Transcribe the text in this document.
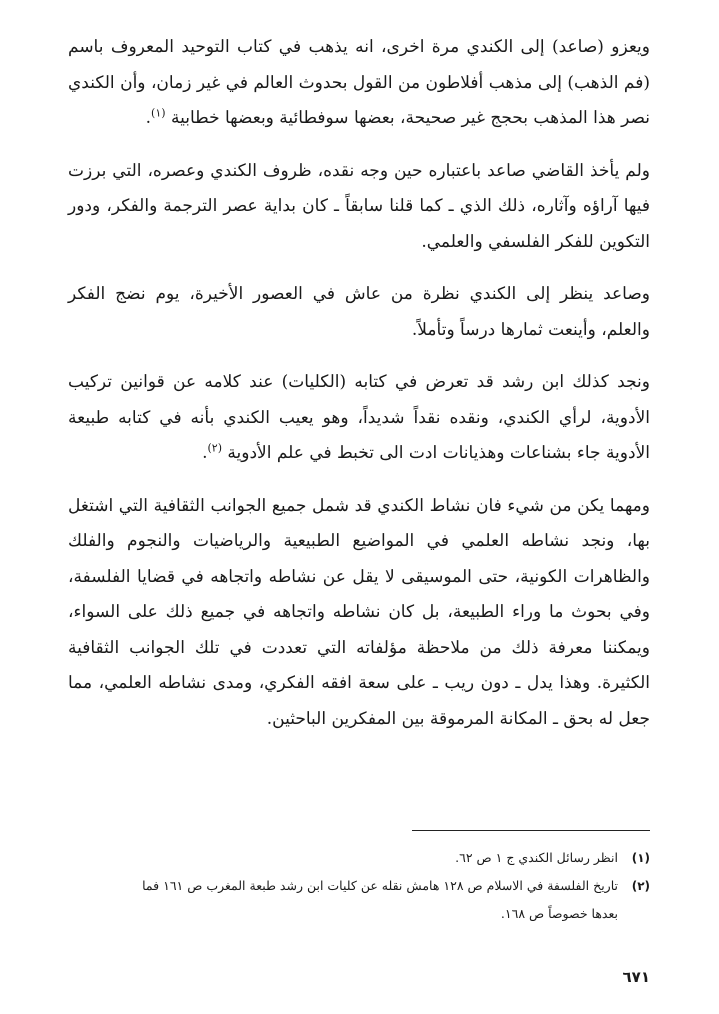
ويعزو (صاعد) إلى الكندي مرة اخرى، انه يذهب في كتاب التوحيد المعروف باسم (فم الذهب) إلى مذهب أفلاطون من القول بحدوث العالم في غير زمان، وأن الكندي نصر هذا المذهب بحجج غير صحيحة، بعضها سوفطائية وبعضها خطابية $^{(١)}$.

ولم يأخذ القاضي صاعد باعتباره حين وجه نقده، ظروف الكندي وعصره، التي برزت فيها آراؤه وآثاره، ذلك الذي ـ كما قلنا سابقاً ـ كان بداية عصر الترجمة والفكر، ودور التكوين للفكر الفلسفي والعلمي.

وصاعد ينظر إلى الكندي نظرة من عاش في العصور الأخيرة، يوم نضج الفكر والعلم، وأينعت ثمارها درساً وتأملاً.

ونجد كذلك ابن رشد قد تعرض في كتابه (الكليات) عند كلامه عن قوانين تركيب الأدوية، لرأي الكندي، ونقده نقداً شديداً، وهو يعيب الكندي بأنه في كتابه طبيعة الأدوية جاء بشناعات وهذيانات ادت الى تخبط في علم الأدوية $^{(٢)}$.

ومهما يكن من شيء فان نشاط الكندي قد شمل جميع الجوانب الثقافية التي اشتغل بها، ونجد نشاطه العلمي في المواضيع الطبيعية والرياضيات والنجوم والفلك والظاهرات الكونية، حتى الموسيقى لا يقل عن نشاطه واتجاهه في قضايا الفلسفة، وفي بحوث ما وراء الطبيعة، بل كان نشاطه واتجاهه في جميع ذلك على السواء، ويمكننا معرفة ذلك من ملاحظة مؤلفاته التي تعددت في تلك الجوانب الثقافية الكثيرة. وهذا يدل ـ دون ريب ـ على سعة افقه الفكري، ومدى نشاطه العلمي، مما جعل له بحق ـ المكانة المرموقة بين المفكرين الباحثين.

(١)انظر رسائل الكندي ج ١ ص ٦٢.

(٢)تاريخ الفلسفة في الاسلام ص ١٢٨ هامش نقله عن كليات ابن رشد طبعة المغرب ص ١٦١ فما

بعدها خصوصاً ص ١٦٨.

٦٧١
